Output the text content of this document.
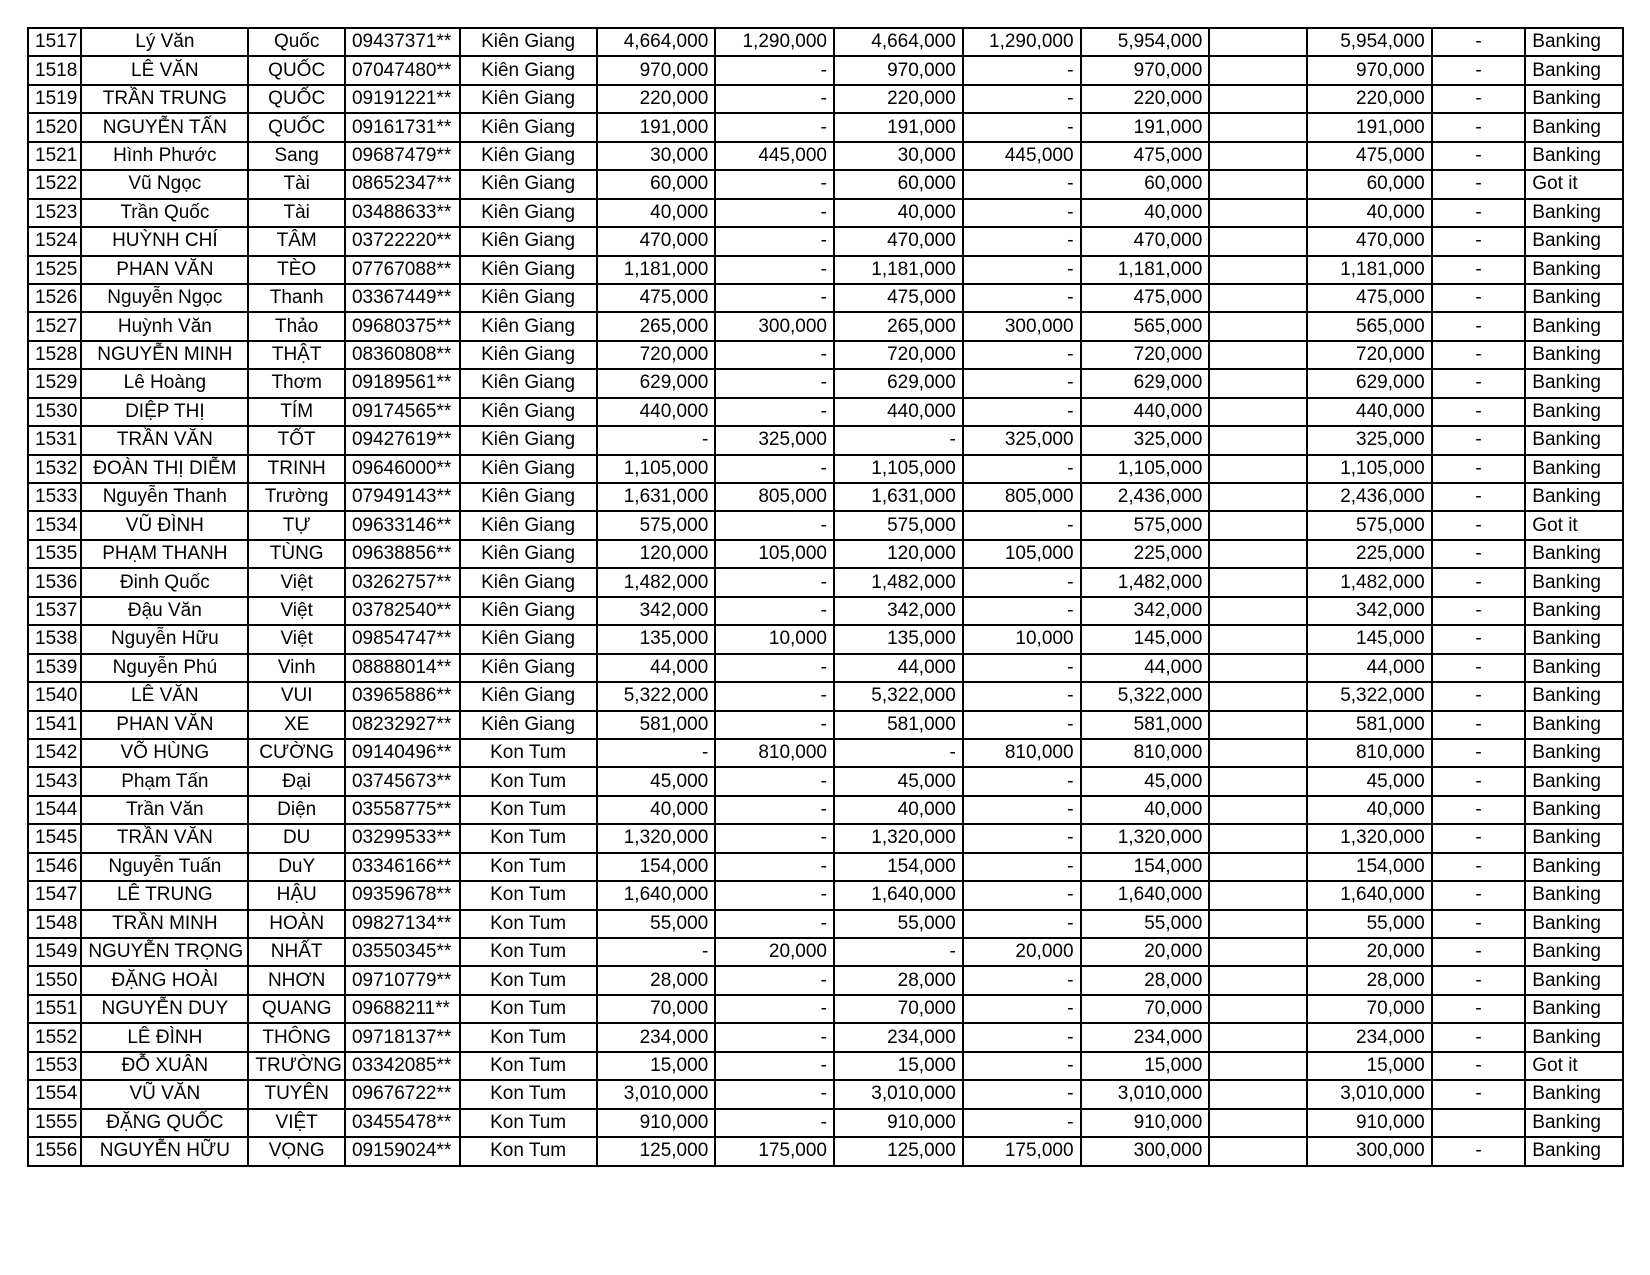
1517	Lý Văn	Quốc	09437371**	Kiên Giang	4,664,000	1,290,000	4,664,000	1,290,000	5,954,000		5,954,000	-	Banking
1518	LÊ VĂN	QUỐC	07047480**	Kiên Giang	970,000	-	970,000	-	970,000		970,000	-	Banking
1519	TRẦN TRUNG	QUỐC	09191221**	Kiên Giang	220,000	-	220,000	-	220,000		220,000	-	Banking
1520	NGUYỄN TẤN	QUỐC	09161731**	Kiên Giang	191,000	-	191,000	-	191,000		191,000	-	Banking
1521	Hình Phước	Sang	09687479**	Kiên Giang	30,000	445,000	30,000	445,000	475,000		475,000	-	Banking
1522	Vũ Ngọc	Tài	08652347**	Kiên Giang	60,000	-	60,000	-	60,000		60,000	-	Got it
1523	Trần Quốc	Tài	03488633**	Kiên Giang	40,000	-	40,000	-	40,000		40,000	-	Banking
1524	HUỲNH CHÍ	TÂM	03722220**	Kiên Giang	470,000	-	470,000	-	470,000		470,000	-	Banking
1525	PHAN VĂN	TÈO	07767088**	Kiên Giang	1,181,000	-	1,181,000	-	1,181,000		1,181,000	-	Banking
1526	Nguyễn Ngọc	Thanh	03367449**	Kiên Giang	475,000	-	475,000	-	475,000		475,000	-	Banking
1527	Huỳnh Văn	Thảo	09680375**	Kiên Giang	265,000	300,000	265,000	300,000	565,000		565,000	-	Banking
1528	NGUYỄN MINH	THẬT	08360808**	Kiên Giang	720,000	-	720,000	-	720,000		720,000	-	Banking
1529	Lê Hoàng	Thơm	09189561**	Kiên Giang	629,000	-	629,000	-	629,000		629,000	-	Banking
1530	DIỆP THỊ	TÍM	09174565**	Kiên Giang	440,000	-	440,000	-	440,000		440,000	-	Banking
1531	TRẦN VĂN	TỐT	09427619**	Kiên Giang	-	325,000	-	325,000	325,000		325,000	-	Banking
1532	ĐOÀN THỊ DIỄM	TRINH	09646000**	Kiên Giang	1,105,000	-	1,105,000	-	1,105,000		1,105,000	-	Banking
1533	Nguyễn Thanh	Trường	07949143**	Kiên Giang	1,631,000	805,000	1,631,000	805,000	2,436,000		2,436,000	-	Banking
1534	VŨ ĐÌNH	TỰ	09633146**	Kiên Giang	575,000	-	575,000	-	575,000		575,000	-	Got it
1535	PHẠM THANH	TÙNG	09638856**	Kiên Giang	120,000	105,000	120,000	105,000	225,000		225,000	-	Banking
1536	Đinh Quốc	Việt	03262757**	Kiên Giang	1,482,000	-	1,482,000	-	1,482,000		1,482,000	-	Banking
1537	Đậu Văn	Việt	03782540**	Kiên Giang	342,000	-	342,000	-	342,000		342,000	-	Banking
1538	Nguyễn Hữu	Việt	09854747**	Kiên Giang	135,000	10,000	135,000	10,000	145,000		145,000	-	Banking
1539	Nguyễn Phú	Vinh	08888014**	Kiên Giang	44,000	-	44,000	-	44,000		44,000	-	Banking
1540	LÊ VĂN	VUI	03965886**	Kiên Giang	5,322,000	-	5,322,000	-	5,322,000		5,322,000	-	Banking
1541	PHAN VĂN	XE	08232927**	Kiên Giang	581,000	-	581,000	-	581,000		581,000	-	Banking
1542	VÕ HÙNG	CƯỜNG	09140496**	Kon Tum	-	810,000	-	810,000	810,000		810,000	-	Banking
1543	Phạm Tấn	Đại	03745673**	Kon Tum	45,000	-	45,000	-	45,000		45,000	-	Banking
1544	Trần Văn	Diện	03558775**	Kon Tum	40,000	-	40,000	-	40,000		40,000	-	Banking
1545	TRẦN VĂN	DU	03299533**	Kon Tum	1,320,000	-	1,320,000	-	1,320,000		1,320,000	-	Banking
1546	Nguyễn Tuấn	DuY	03346166**	Kon Tum	154,000	-	154,000	-	154,000		154,000	-	Banking
1547	LÊ TRUNG	HẬU	09359678**	Kon Tum	1,640,000	-	1,640,000	-	1,640,000		1,640,000	-	Banking
1548	TRẦN MINH	HOÀN	09827134**	Kon Tum	55,000	-	55,000	-	55,000		55,000	-	Banking
1549	NGUYỄN TRỌNG	NHẤT	03550345**	Kon Tum	-	20,000	-	20,000	20,000		20,000	-	Banking
1550	ĐẶNG HOÀI	NHƠN	09710779**	Kon Tum	28,000	-	28,000	-	28,000		28,000	-	Banking
1551	NGUYỄN DUY	QUANG	09688211**	Kon Tum	70,000	-	70,000	-	70,000		70,000	-	Banking
1552	LÊ ĐÌNH	THÔNG	09718137**	Kon Tum	234,000	-	234,000	-	234,000		234,000	-	Banking
1553	ĐỖ XUÂN	TRƯỜNG	03342085**	Kon Tum	15,000	-	15,000	-	15,000		15,000	-	Got it
1554	VŨ VĂN	TUYÊN	09676722**	Kon Tum	3,010,000	-	3,010,000	-	3,010,000		3,010,000	-	Banking
1555	ĐẶNG QUỐC	VIỆT	03455478**	Kon Tum	910,000	-	910,000	-	910,000		910,000		Banking
1556	NGUYỄN HỮU	VỌNG	09159024**	Kon Tum	125,000	175,000	125,000	175,000	300,000		300,000	-	Banking
